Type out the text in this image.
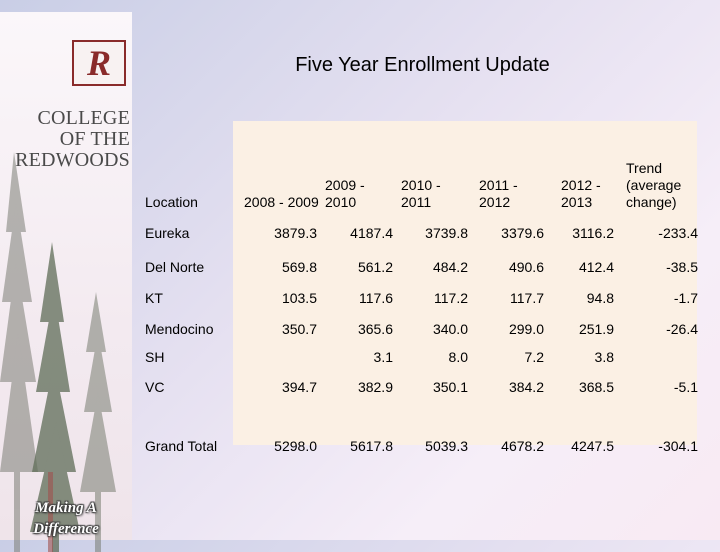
R
COLLEGE OF THE REDWOODS
Making A Difference
Five Year Enrollment Update
Location	2008 - 2009	2009 - 2010	2010 - 2011	2011 - 2012	2012 - 2013	Trend (average change)
Eureka	3879.3	4187.4	3739.8	3379.6	3116.2	-233.4
Del Norte	569.8	561.2	484.2	490.6	412.4	-38.5
KT	103.5	117.6	117.2	117.7	94.8	-1.7
Mendocino	350.7	365.6	340.0	299.0	251.9	-26.4
SH		3.1	8.0	7.2	3.8	
VC	394.7	382.9	350.1	384.2	368.5	-5.1
Grand Total	5298.0	5617.8	5039.3	4678.2	4247.5	-304.1
